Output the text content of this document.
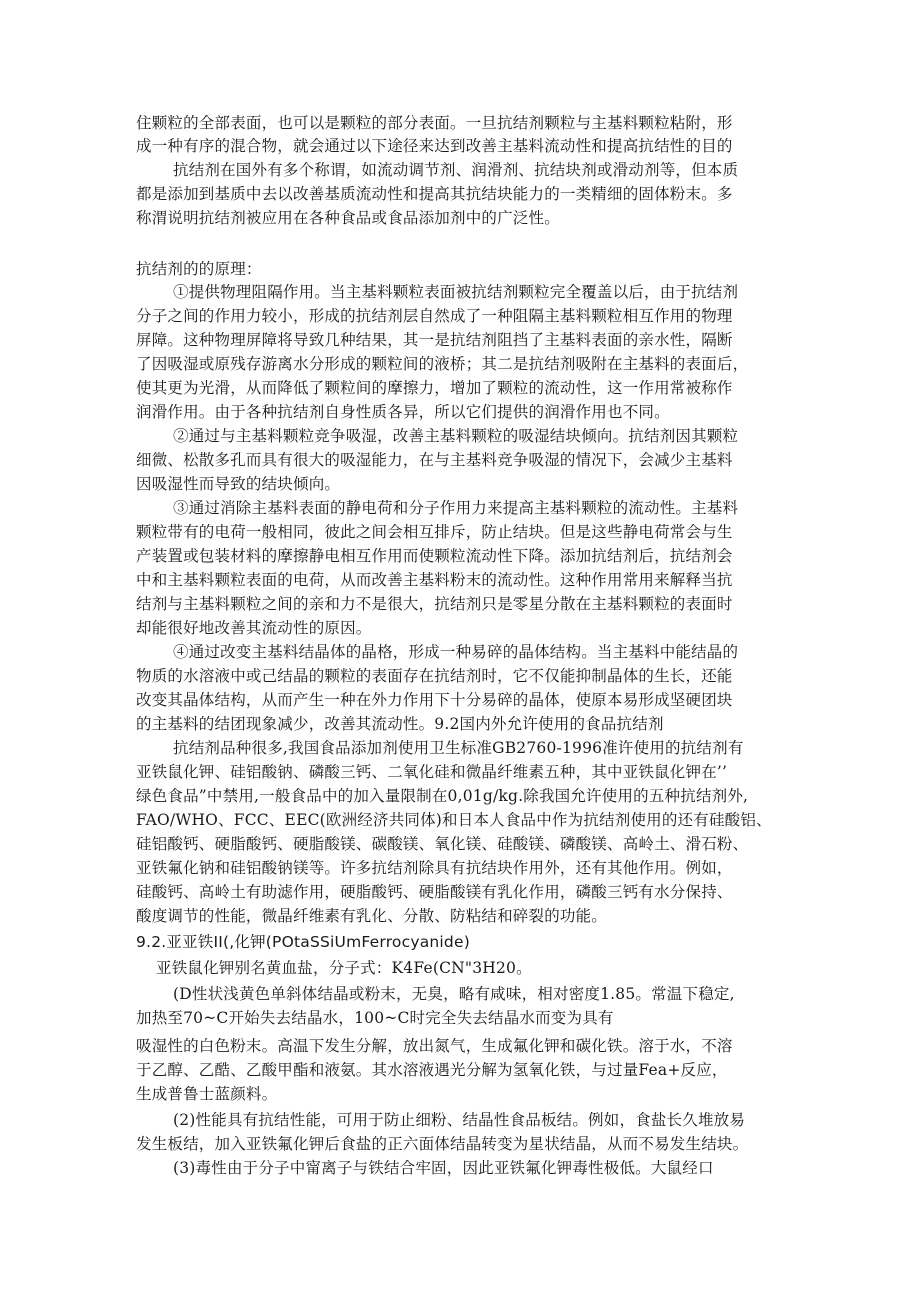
住颗粒的全部表面，也可以是颗粒的部分表面。一旦抗结剂颗粒与主基料颗粒粘附，形
成一种有序的混合物，就会通过以下途径来达到改善主基料流动性和提高抗结性的目的
抗结剂在国外有多个称谓，如流动调节剂、润滑剂、抗结块剂或滑动剂等，但本质
都是添加到基质中去以改善基质流动性和提高其抗结块能力的一类精细的固体粉末。多
称渭说明抗结剂被应用在各种食品或食品添加剂中的广泛性。
抗结剂的的原理：
①提供物理阻隔作用。当主基料颗粒表面被抗结剂颗粒完全覆盖以后，由于抗结剂
分子之间的作用力较小，形成的抗结剂层自然成了一种阻隔主基料颗粒相互作用的物理
屏障。这种物理屏障将导致几种结果，其一是抗结剂阻挡了主基料表面的亲水性，隔断
了因吸湿或原残存游离水分形成的颗粒间的液桥；其二是抗结剂吸附在主基料的表面后，
使其更为光滑，从而降低了颗粒间的摩擦力，增加了颗粒的流动性，这一作用常被称作
润滑作用。由于各种抗结剂自身性质各异，所以它们提供的润滑作用也不同。
②通过与主基料颗粒竞争吸湿，改善主基料颗粒的吸湿结块倾向。抗结剂因其颗粒
细微、松散多孔而具有很大的吸湿能力，在与主基料竞争吸湿的情况下，会减少主基料
因吸湿性而导致的结块倾向。
③通过消除主基料表面的静电荷和分子作用力来提高主基料颗粒的流动性。主基料
颗粒带有的电荷一般相同，彼此之间会相互排斥，防止结块。但是这些静电荷常会与生
产装置或包装材料的摩擦静电相互作用而使颗粒流动性下降。添加抗结剂后，抗结剂会
中和主基料颗粒表面的电荷，从而改善主基料粉末的流动性。这种作用常用来解释当抗
结剂与主基料颗粒之间的亲和力不是很大，抗结剂只是零星分散在主基料颗粒的表面时
却能很好地改善其流动性的原因。
④通过改变主基料结晶体的晶格，形成一种易碎的晶体结构。当主基料中能结晶的
物质的水溶液中或己结晶的颗粒的表面存在抗结剂时，它不仅能抑制晶体的生长，还能
改变其晶体结构，从而产生一种在外力作用下十分易碎的晶体，使原本易形成坚硬团块
的主基料的结团现象减少，改善其流动性。9.2国内外允许使用的食品抗结剂
抗结剂品种很多,我国食品添加剂使用卫生标准GB2760-1996准许使用的抗结剂有
亚铁鼠化钾、硅铝酸钠、磷酸三钙、二氧化硅和微晶纤维素五种，其中亚铁鼠化钾在’’
绿色食品”中禁用,一般食品中的加入量限制在0,01g/kg.除我国允许使用的五种抗结剂外,
FAO/WHO、FCC、EEC(欧洲经济共同体)和日本人食品中作为抗结剂使用的还有硅酸铝、
硅铝酸钙、硬脂酸钙、硬脂酸镁、碳酸镁、氧化镁、硅酸镁、磷酸镁、高岭土、滑石粉、
亚铁氟化钠和硅铝酸钠镁等。许多抗结剂除具有抗结块作用外，还有其他作用。例如，
硅酸钙、高岭土有助滤作用，硬脂酸钙、硬脂酸镁有乳化作用，磷酸三钙有水分保持、
酸度调节的性能，微晶纤维素有乳化、分散、防粘结和碎裂的功能。
9.2.亚亚铁II(,化钾(POtaSSiUmFerrocyanide)
亚铁鼠化钾别名黄血盐，分子式：K4Fe(CN"3H20。
(D性状浅黄色单斜体结晶或粉末，无臭，略有咸味，相对密度1.85。常温下稳定,
加热至70~C开始失去结晶水，100~C时完全失去结晶水而变为具有
吸湿性的白色粉末。高温下发生分解，放出氮气，生成氟化钾和碳化铁。溶于水，不溶
于乙醇、乙酷、乙酸甲酯和液氨。其水溶液遇光分解为氢氧化铁，与过量Fea+反应，
生成普鲁士蓝颜料。
(2)性能具有抗结性能，可用于防止细粉、结晶性食品板结。例如，食盐长久堆放易
发生板结，加入亚铁氟化钾后食盐的正六面体结晶转变为星状结晶，从而不易发生结块。
(3)毒性由于分子中甯离子与铁结合牢固，因此亚铁氟化钾毒性极低。大鼠经口
